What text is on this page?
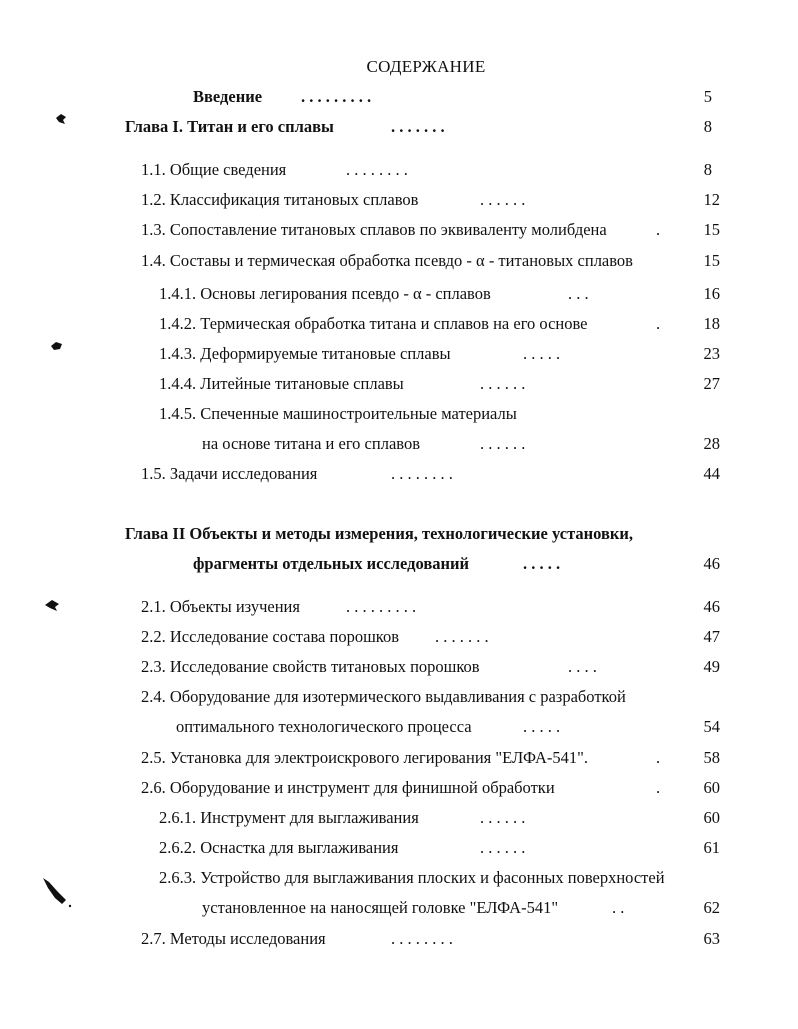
СОДЕРЖАНИЕ
Введение . . . . . . . . .	5
Глава I. Титан и его сплавы	. . . . . . .	8
1.1. Общие сведения	. . . . . . . .	8
1.2. Классификация титановых сплавов	. . . . . .	12
1.3. Сопоставление титановых сплавов по эквиваленту молибдена	.	15
1.4. Составы и термическая обработка псевдо - α - титановых сплавов	15
1.4.1. Основы легирования псевдо - α - сплавов	. . .	16
1.4.2. Термическая обработка титана и сплавов на его основе	.	18
1.4.3. Деформируемые титановые сплавы	. . . . .	23
1.4.4. Литейные титановые сплавы	. . . . . .	27
1.4.5. Спеченные машиностроительные материалы
на основе титана и его сплавов	. . . . . .	28
1.5. Задачи исследования	. . . . . . . .	44
Глава II Объекты и методы измерения, технологические установки,
фрагменты отдельных исследований	. . . . .	46
2.1. Объекты изучения	. . . . . . . . .	46
2.2. Исследование состава порошков . . . . . . .	47
2.3. Исследование свойств титановых порошков	. . . .	49
2.4. Оборудование для изотермического выдавливания с разработкой
оптимального технологического процесса	. . . . .	54
2.5. Установка для электроискрового легирования "ЕЛФА-541".	.	58
2.6. Оборудование и инструмент для финишной обработки	.	60
2.6.1. Инструмент для выглаживания	. . . . . .	60
2.6.2. Оснастка для выглаживания	. . . . . .	61
2.6.3. Устройство для выглаживания плоских и фасонных поверхностей
установленное на наносящей головке "ЕЛФА-541"	. .	62
2.7. Методы исследования	. . . . . . . .	63
